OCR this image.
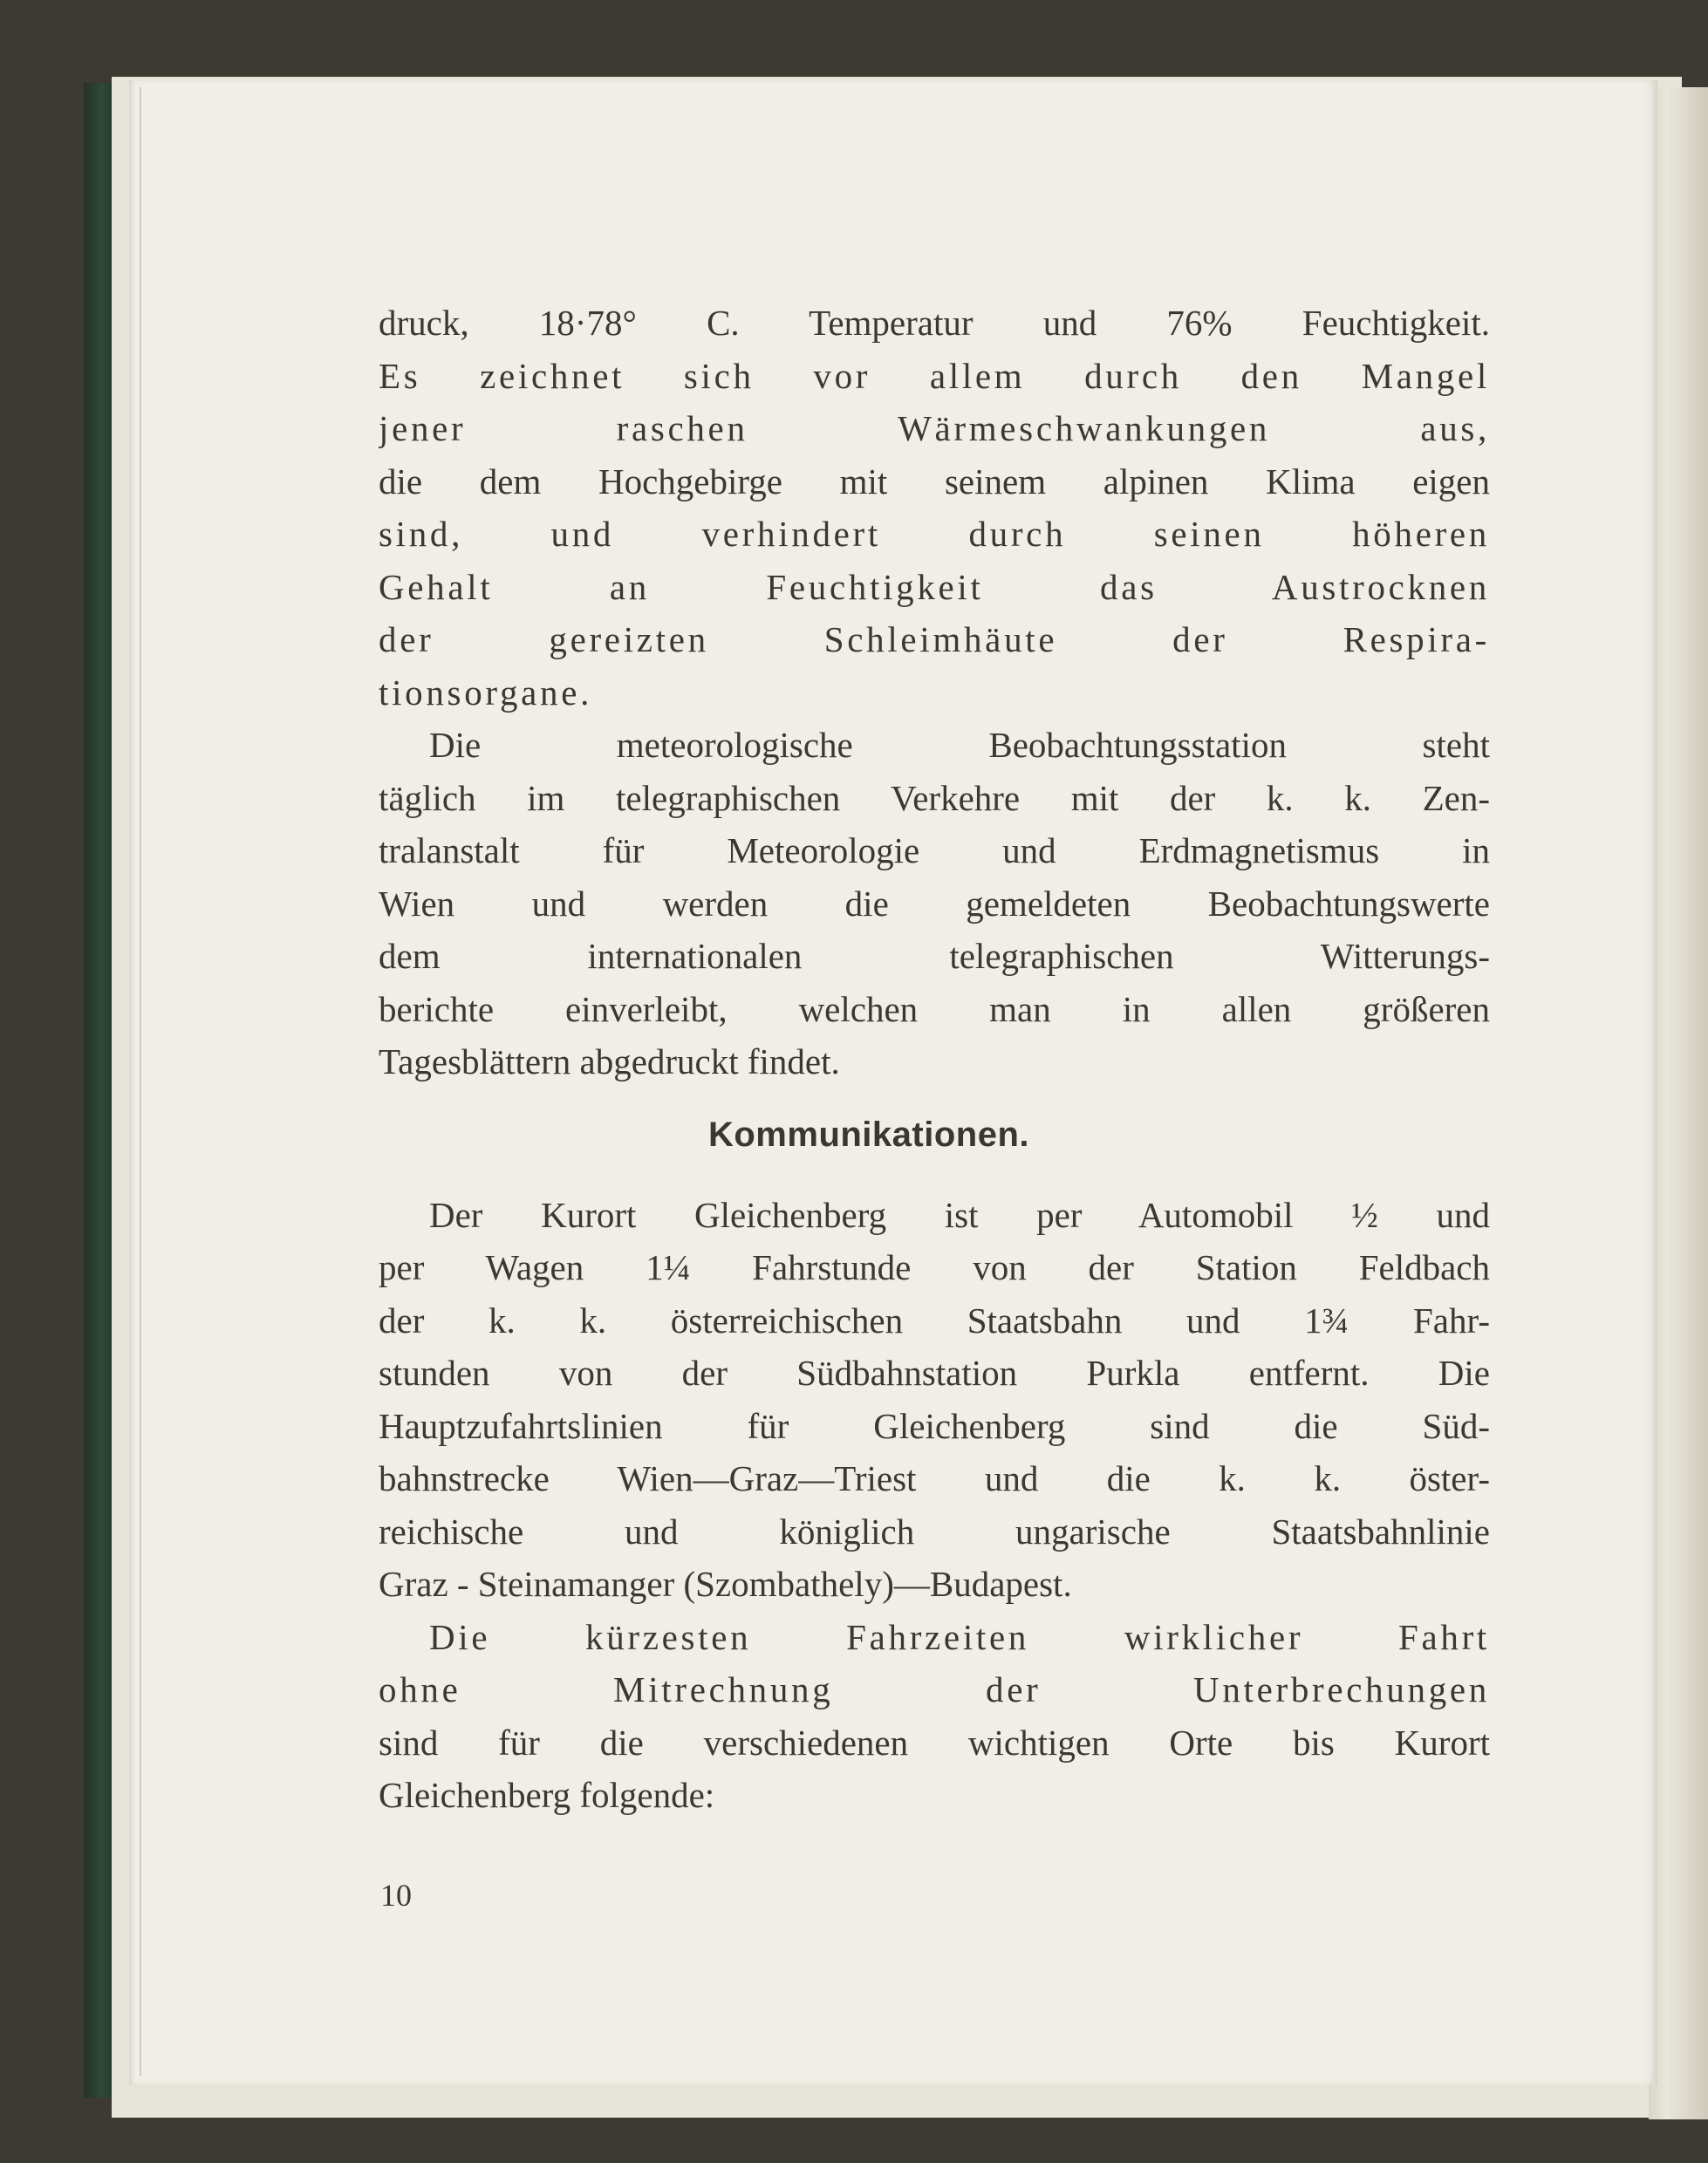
druck, 18·78° C. Temperatur und 76% Feuchtigkeit.
Es zeichnet sich vor allem durch den Mangel
jener raschen Wärmeschwankungen aus,
die dem Hochgebirge mit seinem alpinen Klima eigen
sind, und verhindert durch seinen höheren
Gehalt an Feuchtigkeit das Austrocknen
der gereizten Schleimhäute der Respira-
tionsorgane.
Die meteorologische Beobachtungsstation steht
täglich im telegraphischen Verkehre mit der k. k. Zen-
tralanstalt für Meteorologie und Erdmagnetismus in
Wien und werden die gemeldeten Beobachtungswerte
dem internationalen telegraphischen Witterungs-
berichte einverleibt, welchen man in allen größeren
Tagesblättern abgedruckt findet.
Kommunikationen.
Der Kurort Gleichenberg ist per Automobil ½ und
per Wagen 1¼ Fahrstunde von der Station Feldbach
der k. k. österreichischen Staatsbahn und 1¾ Fahr-
stunden von der Südbahnstation Purkla entfernt. Die
Hauptzufahrtslinien für Gleichenberg sind die Süd-
bahnstrecke Wien—Graz—Triest und die k. k. öster-
reichische und königlich ungarische Staatsbahnlinie
Graz - Steinamanger (Szombathely)—Budapest.
Die kürzesten Fahrzeiten wirklicher Fahrt
ohne Mitrechnung der Unterbrechungen
sind für die verschiedenen wichtigen Orte bis Kurort
Gleichenberg folgende:
10
